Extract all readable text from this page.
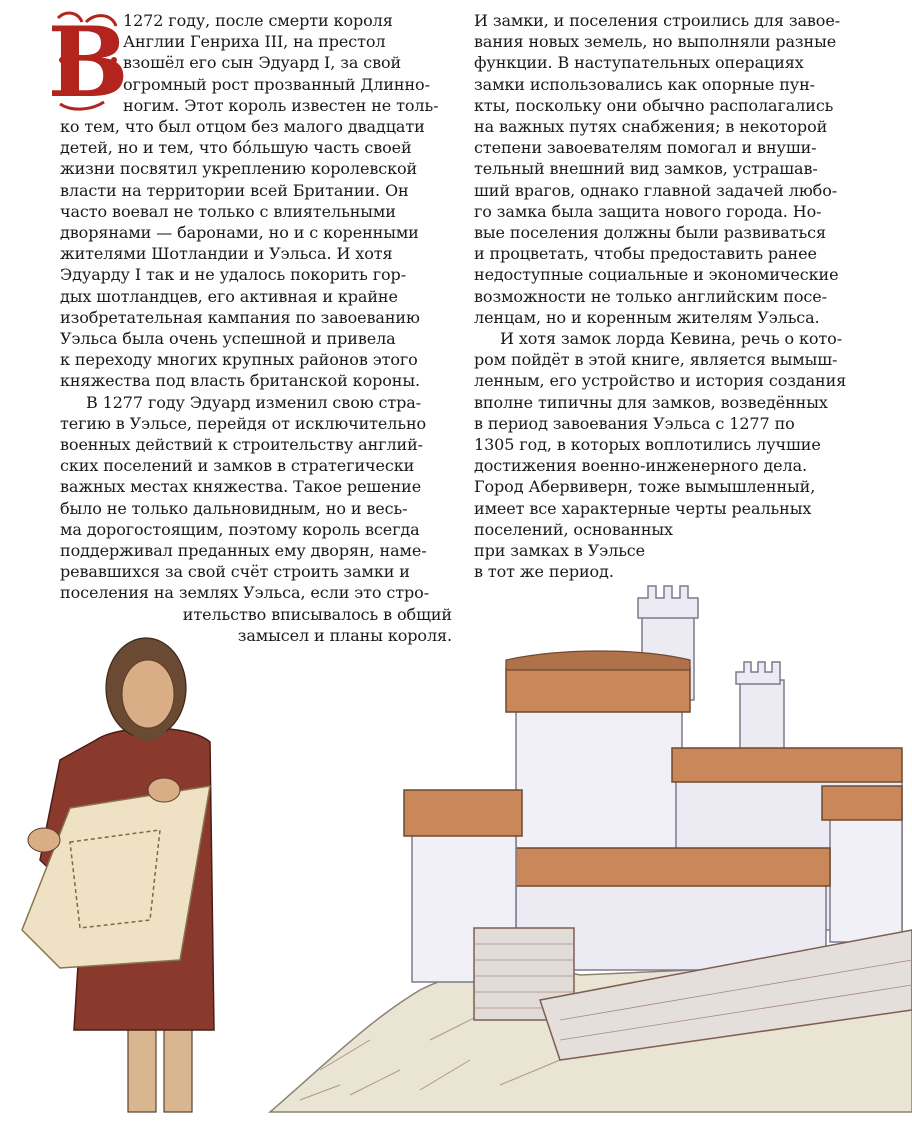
В
1272 году, после смерти короля
Англии Генриха III, на престол
взошёл его сын Эдуард I, за свой
огромный рост прозванный Длинно-
ногим. Этот король известен не толь-
ко тем, что был отцом без малого двадцати
детей, но и тем, что бо́льшую часть своей
жизни посвятил укреплению королевской
власти на территории всей Британии. Он
часто воевал не только с влиятельными
дворянами — баронами, но и с коренными
жителями Шотландии и Уэльса. И хотя
Эдуарду I так и не удалось покорить гор-
дых шотландцев, его активная и крайне
изобретательная кампания по завоеванию
Уэльса была очень успешной и привела
к переходу многих крупных районов этого
княжества под власть британской короны.
В 1277 году Эдуард изменил свою стра-
тегию в Уэльсе, перейдя от исключительно
военных действий к строительству англий-
ских поселений и замков в стратегически
важных местах княжества. Такое решение
было не только дальновидным, но и весь-
ма дорогостоящим, поэтому король всегда
поддерживал преданных ему дворян, наме-
ревавшихся за свой счёт строить замки и
поселения на землях Уэльса, если это стро-
ительство вписывалось в общий
замысел и планы короля.
И замки, и поселения строились для завое-
вания новых земель, но выполняли разные
функции. В наступательных операциях
замки использовались как опорные пун-
кты, поскольку они обычно располагались
на важных путях снабжения; в некоторой
степени завоевателям помогал и внуши-
тельный внешний вид замков, устрашав-
ший врагов, однако главной задачей любо-
го замка была защита нового города. Но-
вые поселения должны были развиваться
и процветать, чтобы предоставить ранее
недоступные социальные и экономические
возможности не только английским посе-
ленцам, но и коренным жителям Уэльса.
И хотя замок лорда Кевина, речь о кото-
ром пойдёт в этой книге, является вымыш-
ленным, его устройство и история создания
вполне типичны для замков, возведённых
в период завоевания Уэльса с 1277 по
1305 год, в которых воплотились лучшие
достижения военно-инженерного дела.
Город Абервиверн, тоже вымышленный,
имеет все характерные черты реальных
поселений, основанных
при замках в Уэльсе
в тот же период.
